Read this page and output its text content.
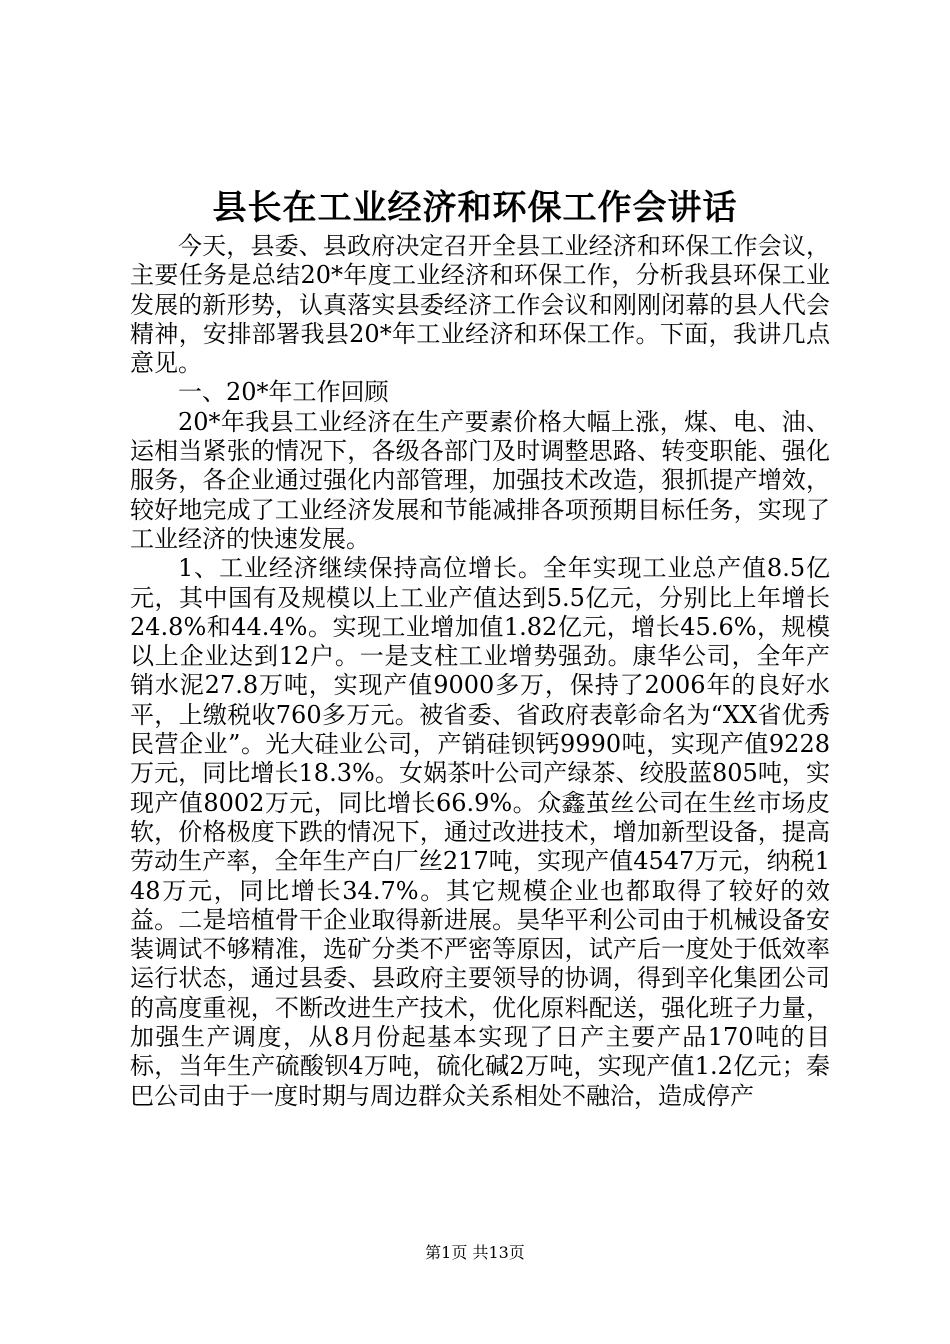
县长在工业经济和环保工作会讲话

今天，县委、县政府决定召开全县工业经济和环保工作会议，主要任务是总结20*年度工业经济和环保工作，分析我县环保工业发展的新形势，认真落实县委经济工作会议和刚刚闭幕的县人代会精神，安排部署我县20*年工业经济和环保工作。下面，我讲几点意见。

一、20*年工作回顾

20*年我县工业经济在生产要素价格大幅上涨，煤、电、油、运相当紧张的情况下，各级各部门及时调整思路、转变职能、强化服务，各企业通过强化内部管理，加强技术改造，狠抓提产增效，较好地完成了工业经济发展和节能减排各项预期目标任务，实现了工业经济的快速发展。

1、工业经济继续保持高位增长。全年实现工业总产值8.5亿元，其中国有及规模以上工业产值达到5.5亿元，分别比上年增长24.8%和44.4%。实现工业增加值1.82亿元，增长45.6%，规模以上企业达到12户。一是支柱工业增势强劲。康华公司，全年产销水泥27.8万吨，实现产值9000多万，保持了2006年的良好水平，上缴税收760多万元。被省委、省政府表彰命名为“XX省优秀民营企业”。光大硅业公司，产销硅钡钙9990吨，实现产值9228万元，同比增长18.3%。女娲茶叶公司产绿茶、绞股蓝805吨，实现产值8002万元，同比增长66.9%。众鑫茧丝公司在生丝市场皮软，价格极度下跌的情况下，通过改进技术，增加新型设备，提高劳动生产率，全年生产白厂丝217吨，实现产值4547万元，纳税148万元，同比增长34.7%。其它规模企业也都取得了较好的效益。二是培植骨干企业取得新进展。昊华平利公司由于机械设备安装调试不够精准，选矿分类不严密等原因，试产后一度处于低效率运行状态，通过县委、县政府主要领导的协调，得到辛化集团公司的高度重视，不断改进生产技术，优化原料配送，强化班子力量，加强生产调度，从8月份起基本实现了日产主要产品170吨的目标，当年生产硫酸钡4万吨，硫化碱2万吨，实现产值1.2亿元；秦巴公司由于一度时期与周边群众关系相处不融洽，造成停产

第1页 共13页
